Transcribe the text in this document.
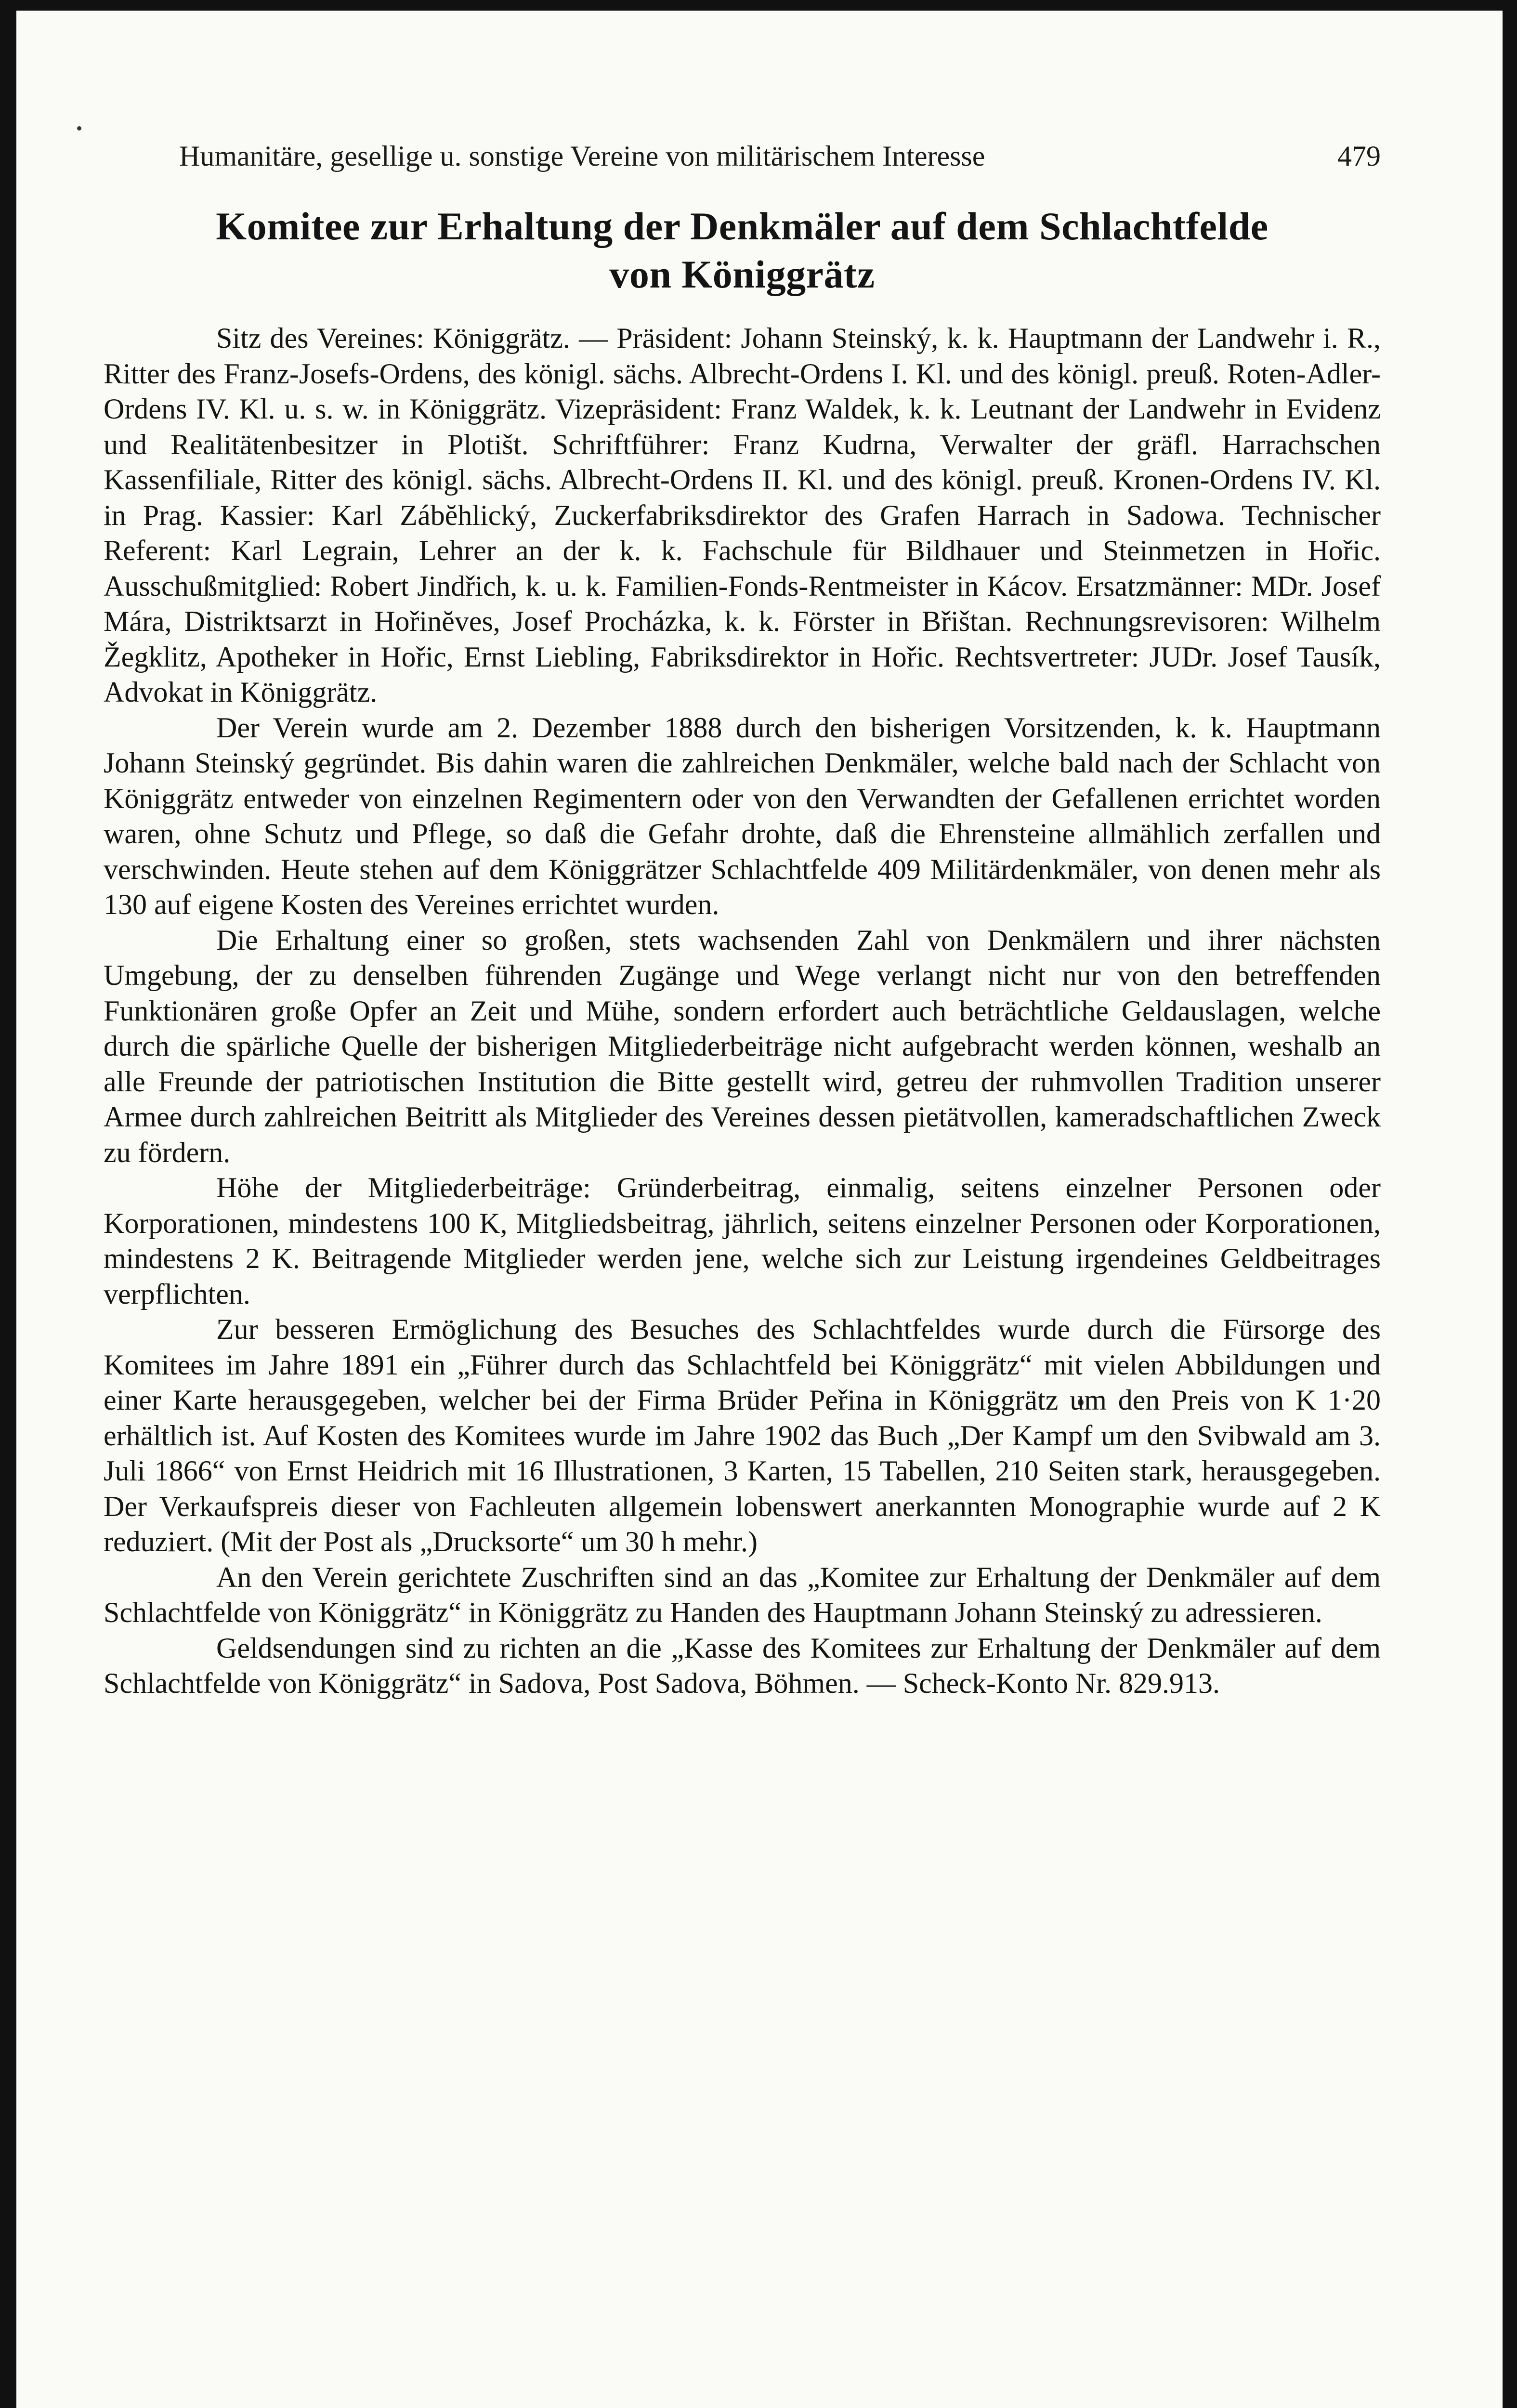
Humanitäre, gesellige u. sonstige Vereine von militärischem Interesse	479
Komitee zur Erhaltung der Denkmäler auf dem Schlachtfelde
von Königgrätz

Sitz des Vereines: Königgrätz. — Präsident: Johann Steinský, k. k. Hauptmann der Landwehr i. R., Ritter des Franz-Josefs-Ordens, des königl. sächs. Albrecht-Ordens I. Kl. und des königl. preuß. Roten-Adler-Ordens IV. Kl. u. s. w. in Königgrätz. Vizepräsident: Franz Waldek, k. k. Leutnant der Landwehr in Evidenz und Realitätenbesitzer in Plotišt. Schriftführer: Franz Kudrna, Verwalter der gräfl. Harrachschen Kassenfiliale, Ritter des königl. sächs. Albrecht-Ordens II. Kl. und des königl. preuß. Kronen-Ordens IV. Kl. in Prag. Kassier: Karl Zábĕhlický, Zuckerfabriksdirektor des Grafen Harrach in Sadowa. Technischer Referent: Karl Legrain, Lehrer an der k. k. Fachschule für Bildhauer und Steinmetzen in Hořic. Ausschußmitglied: Robert Jindřich, k. u. k. Familien-Fonds-Rentmeister in Kácov. Ersatzmänner: MDr. Josef Mára, Distriktsarzt in Hořinĕves, Josef Procházka, k. k. Förster in Břištan. Rechnungsrevisoren: Wilhelm Žegklitz, Apotheker in Hořic, Ernst Liebling, Fabriksdirektor in Hořic. Rechtsvertreter: JUDr. Josef Tausík, Advokat in Königgrätz.

Der Verein wurde am 2. Dezember 1888 durch den bisherigen Vorsitzenden, k. k. Hauptmann Johann Steinský gegründet. Bis dahin waren die zahlreichen Denkmäler, welche bald nach der Schlacht von Königgrätz entweder von einzelnen Regimentern oder von den Verwandten der Gefallenen errichtet worden waren, ohne Schutz und Pflege, so daß die Gefahr drohte, daß die Ehrensteine allmählich zerfallen und verschwinden. Heute stehen auf dem Königgrätzer Schlachtfelde 409 Militärdenkmäler, von denen mehr als 130 auf eigene Kosten des Vereines errichtet wurden.

Die Erhaltung einer so großen, stets wachsenden Zahl von Denkmälern und ihrer nächsten Umgebung, der zu denselben führenden Zugänge und Wege verlangt nicht nur von den betreffenden Funktionären große Opfer an Zeit und Mühe, sondern erfordert auch beträchtliche Geldauslagen, welche durch die spärliche Quelle der bisherigen Mitgliederbeiträge nicht aufgebracht werden können, weshalb an alle Freunde der patriotischen Institution die Bitte gestellt wird, getreu der ruhmvollen Tradition unserer Armee durch zahlreichen Beitritt als Mitglieder des Vereines dessen pietätvollen, kameradschaftlichen Zweck zu fördern.

Höhe der Mitgliederbeiträge: Gründerbeitrag, einmalig, seitens einzelner Personen oder Korporationen, mindestens 100 K, Mitgliedsbeitrag, jährlich, seitens einzelner Personen oder Korporationen, mindestens 2 K. Beitragende Mitglieder werden jene, welche sich zur Leistung irgendeines Geldbeitrages verpflichten.

Zur besseren Ermöglichung des Besuches des Schlachtfeldes wurde durch die Fürsorge des Komitees im Jahre 1891 ein „Führer durch das Schlachtfeld bei Königgrätz“ mit vielen Abbildungen und einer Karte herausgegeben, welcher bei der Firma Brüder Peřina in Königgrätz um den Preis von K 1·20 erhältlich ist. Auf Kosten des Komitees wurde im Jahre 1902 das Buch „Der Kampf um den Svibwald am 3. Juli 1866“ von Ernst Heidrich mit 16 Illustrationen, 3 Karten, 15 Tabellen, 210 Seiten stark, herausgegeben. Der Verkaufspreis dieser von Fachleuten allgemein lobenswert anerkannten Monographie wurde auf 2 K reduziert. (Mit der Post als „Drucksorte“ um 30 h mehr.)

An den Verein gerichtete Zuschriften sind an das „Komitee zur Erhaltung der Denkmäler auf dem Schlachtfelde von Königgrätz“ in Königgrätz zu Handen des Hauptmann Johann Steinský zu adressieren.

Geldsendungen sind zu richten an die „Kasse des Komitees zur Erhaltung der Denkmäler auf dem Schlachtfelde von Königgrätz“ in Sadova, Post Sadova, Böhmen. — Scheck-Konto Nr. 829.913.
